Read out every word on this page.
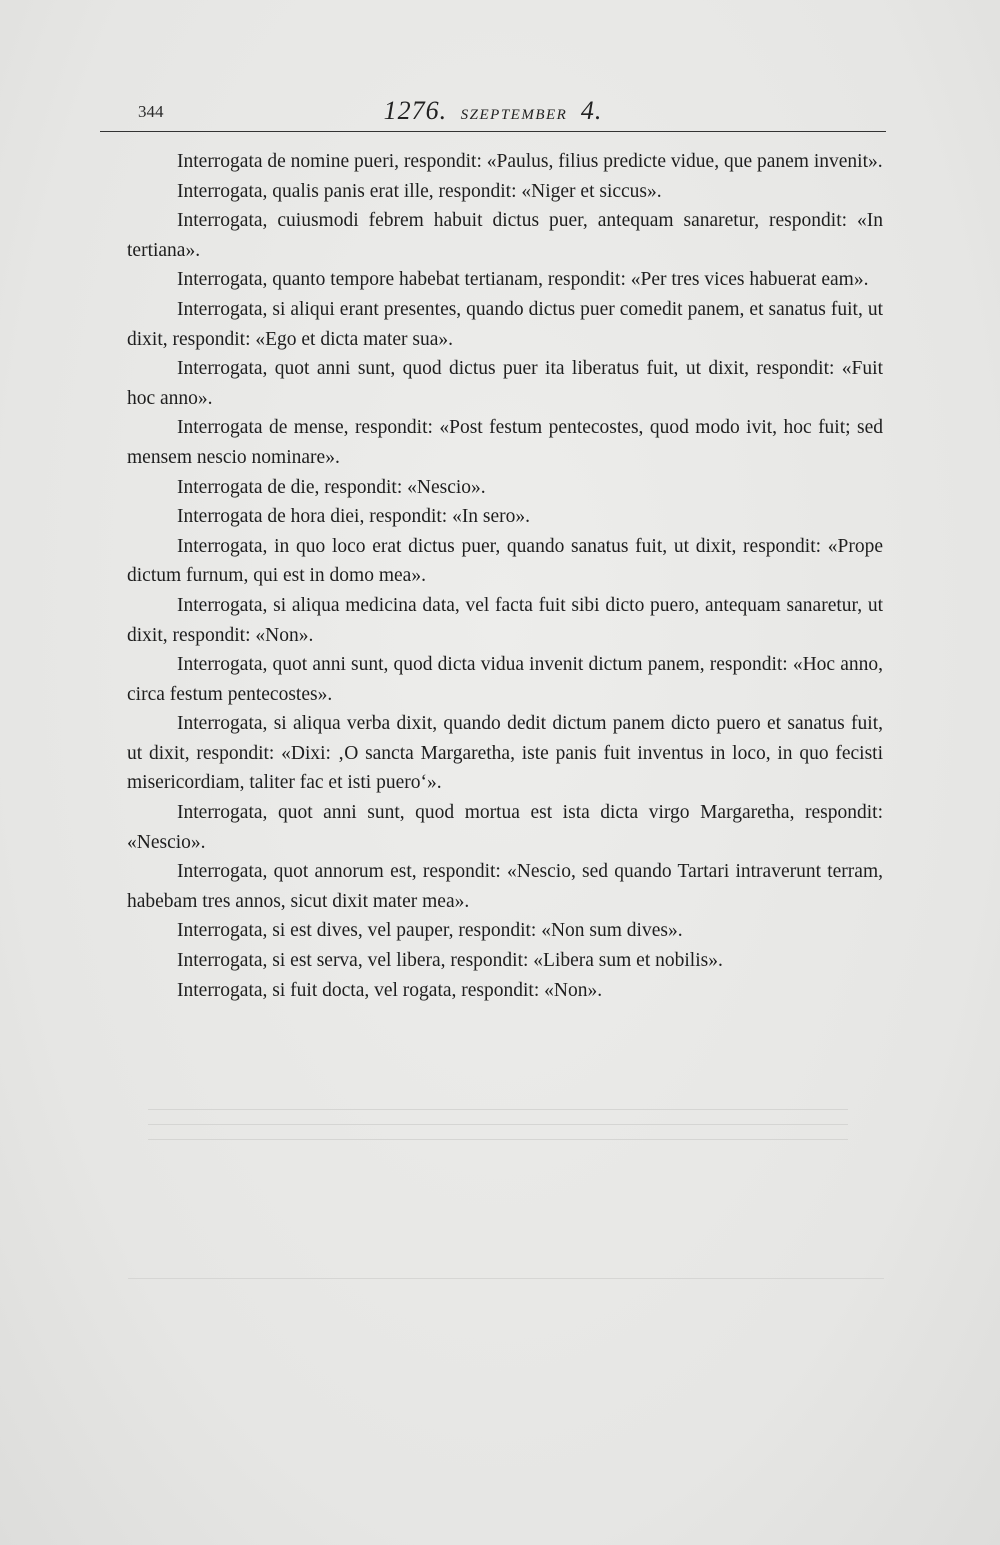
344	1276. SZEPTEMBER 4.

Interrogata de nomine pueri, respondit: «Paulus, filius predicte vidue, que panem invenit».

Interrogata, qualis panis erat ille, respondit: «Niger et siccus».

Interrogata, cuiusmodi febrem habuit dictus puer, antequam sanaretur, respondit: «In tertiana».

Interrogata, quanto tempore habebat tertianam, respondit: «Per tres vices habuerat eam».

Interrogata, si aliqui erant presentes, quando dictus puer comedit panem, et sanatus fuit, ut dixit, respondit: «Ego et dicta mater sua».

Interrogata, quot anni sunt, quod dictus puer ita liberatus fuit, ut dixit, respondit: «Fuit hoc anno».

Interrogata de mense, respondit: «Post festum pentecostes, quod modo ivit, hoc fuit; sed mensem nescio nominare».

Interrogata de die, respondit: «Nescio».

Interrogata de hora diei, respondit: «In sero».

Interrogata, in quo loco erat dictus puer, quando sanatus fuit, ut dixit, respondit: «Prope dictum furnum, qui est in domo mea».

Interrogata, si aliqua medicina data, vel facta fuit sibi dicto puero, antequam sanaretur, ut dixit, respondit: «Non».

Interrogata, quot anni sunt, quod dicta vidua invenit dictum panem, respondit: «Hoc anno, circa festum pentecostes».

Interrogata, si aliqua verba dixit, quando dedit dictum panem dicto puero et sanatus fuit, ut dixit, respondit: «Dixi: ‚O sancta Margaretha, iste panis fuit inventus in loco, in quo fecisti misericordiam, taliter fac et isti puero‘».

Interrogata, quot anni sunt, quod mortua est ista dicta virgo Margaretha, respondit: «Nescio».

Interrogata, quot annorum est, respondit: «Nescio, sed quando Tartari intraverunt terram, habebam tres annos, sicut dixit mater mea».

Interrogata, si est dives, vel pauper, respondit: «Non sum dives».

Interrogata, si est serva, vel libera, respondit: «Libera sum et nobilis».

Interrogata, si fuit docta, vel rogata, respondit: «Non».
